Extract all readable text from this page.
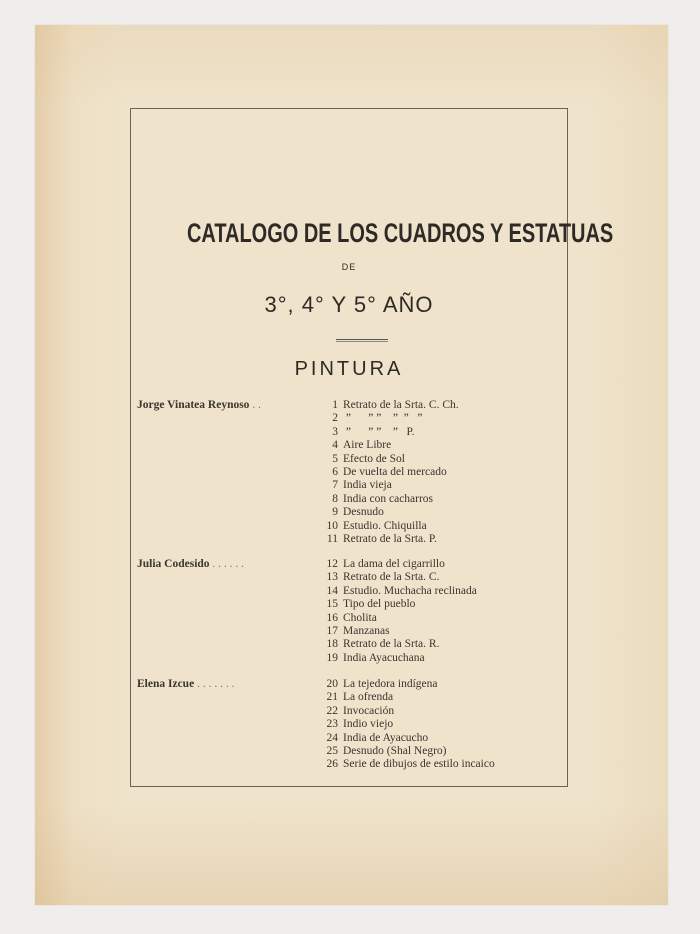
CATALOGO DE LOS CUADROS Y ESTATUAS
DE
3°, 4° Y 5° AÑO
PINTURA
Jorge Vinatea Reynoso . .	1 Retrato de la Srta. C. Ch.
2 ”      ” ”    ”  ”   ”
3 ”      ” ”    ”   P.
4 Aire Libre
5 Efecto de Sol
6 De vuelta del mercado
7 India vieja
8 India con cacharros
9 Desnudo
10 Estudio. Chiquilla
11 Retrato de la Srta. P.
Julia Codesido . . . . . .	12 La dama del cigarrillo
13 Retrato de la Srta. C.
14 Estudio. Muchacha reclinada
15 Tipo del pueblo
16 Cholita
17 Manzanas
18 Retrato de la Srta. R.
19 India Ayacuchana
Elena Izcue . . . . . . .	20 La tejedora indígena
21 La ofrenda
22 Invocación
23 Indio viejo
24 India de Ayacucho
25 Desnudo (Shal Negro)
26 Serie de dibujos de estilo incaico
